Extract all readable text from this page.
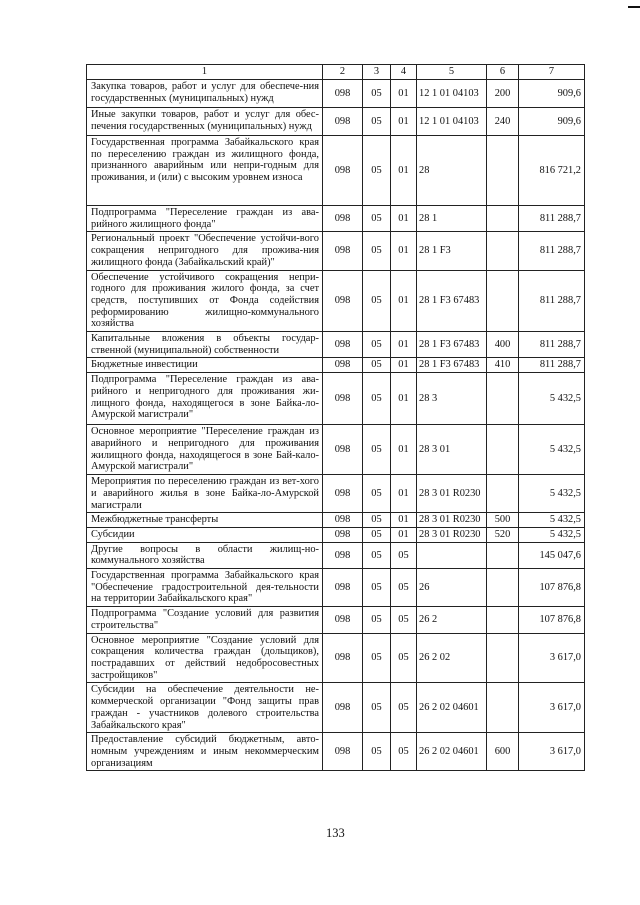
1	2	3	4	5	6	7
Закупка товаров, работ и услуг для обеспече-ния государственных (муниципальных) нужд	098	05	01	12 1 01 04103	200	909,6
Иные закупки товаров, работ и услуг для обес-печения государственных (муниципальных) нужд	098	05	01	12 1 01 04103	240	909,6
Государственная программа Забайкальского края по переселению граждан из жилищного фонда, признанного аварийным или непри-годным для проживания, и (или) с высоким уровнем износа	098	05	01	28		816 721,2
Подпрограмма "Переселение граждан из ава-рийного жилищного фонда"	098	05	01	28 1		811 288,7
Региональный проект "Обеспечение устойчи-вого сокращения непригодного для прожива-ния жилищного фонда (Забайкальский край)"	098	05	01	28 1 F3		811 288,7
Обеспечение устойчивого сокращения непри-годного для проживания жилого фонда, за счет средств, поступивших от Фонда содействия реформированию жилищно-коммунального хозяйства	098	05	01	28 1 F3 67483		811 288,7
Капитальные вложения в объекты государ-ственной (муниципальной) собственности	098	05	01	28 1 F3 67483	400	811 288,7
Бюджетные инвестиции	098	05	01	28 1 F3 67483	410	811 288,7
Подпрограмма "Переселение граждан из ава-рийного и непригодного для проживания жи-лищного фонда, находящегося в зоне Байка-ло-Амурской магистрали"	098	05	01	28 3		5 432,5
Основное мероприятие "Переселение граждан из аварийного и непригодного для проживания жилищного фонда, находящегося в зоне Бай-кало-Амурской магистрали"	098	05	01	28 3 01		5 432,5
Мероприятия по переселению граждан из вет-хого и аварийного жилья в зоне Байка-ло-Амурской магистрали	098	05	01	28 3 01 R0230		5 432,5
Межбюджетные трансферты	098	05	01	28 3 01 R0230	500	5 432,5
Субсидии	098	05	01	28 3 01 R0230	520	5 432,5
Другие вопросы в области жилищ-но-коммунального хозяйства	098	05	05			145 047,6
Государственная программа Забайкальского края "Обеспечение градостроительной дея-тельности на территории Забайкальского края"	098	05	05	26		107 876,8
Подпрограмма "Создание условий для развития строительства"	098	05	05	26 2		107 876,8
Основное мероприятие "Создание условий для сокращения количества граждан (дольщиков), пострадавших от действий недобросовестных застройщиков"	098	05	05	26 2 02		3 617,0
Субсидии на обеспечение деятельности не-коммерческой организации "Фонд защиты прав граждан - участников долевого строительства Забайкальского края"	098	05	05	26 2 02 04601		3 617,0
Предоставление субсидий бюджетным, авто-номным учреждениям и иным некоммерческим организациям	098	05	05	26 2 02 04601	600	3 617,0
133
